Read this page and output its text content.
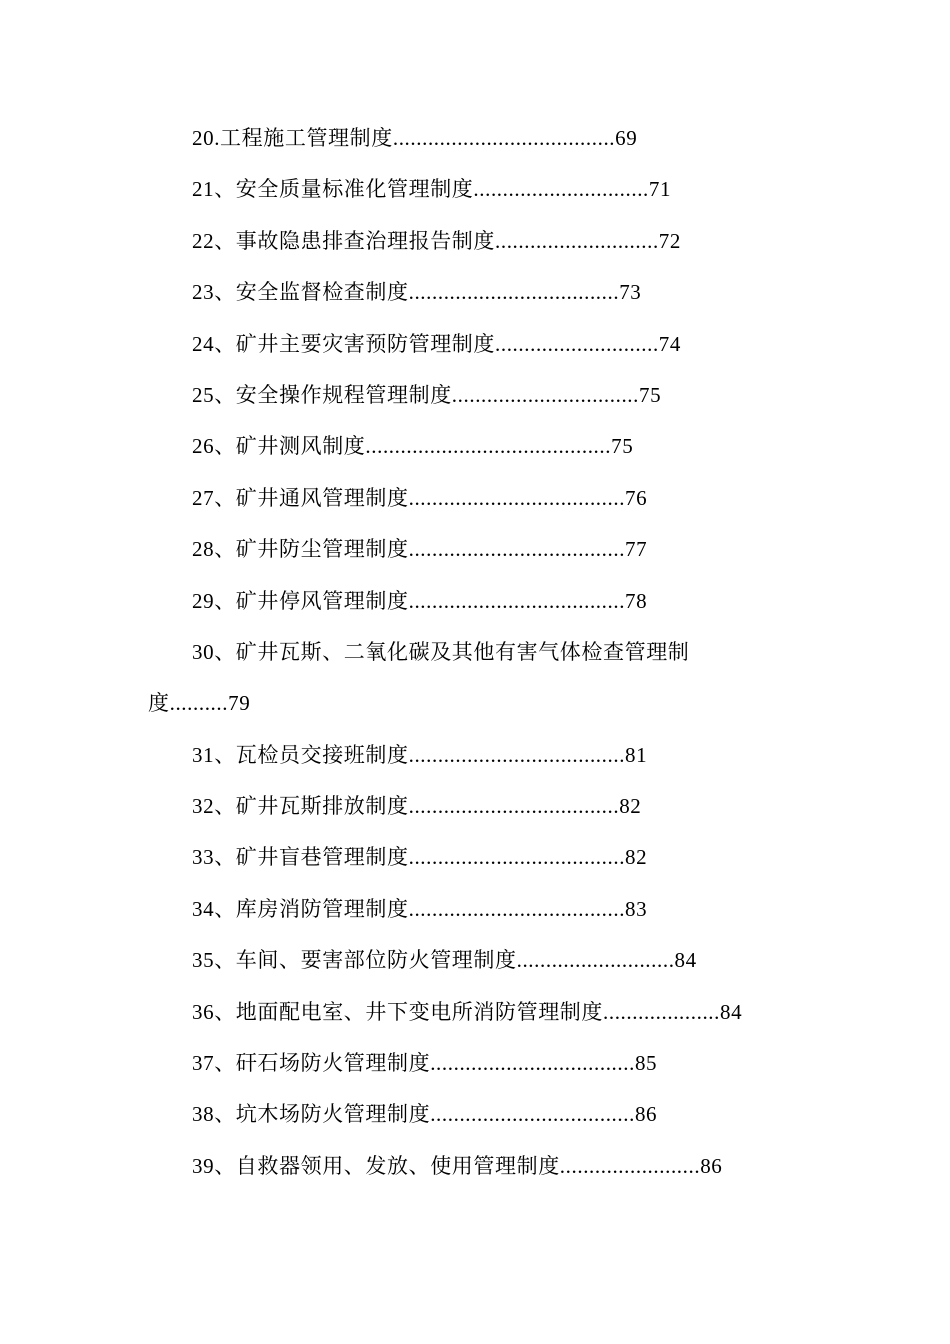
20.工程施工管理制度......................................69
21、安全质量标准化管理制度..............................71
22、事故隐患排查治理报告制度............................72
23、安全监督检查制度....................................73
24、矿井主要灾害预防管理制度............................74
25、安全操作规程管理制度................................75
26、矿井测风制度..........................................75
27、矿井通风管理制度.....................................76
28、矿井防尘管理制度.....................................77
29、矿井停风管理制度.....................................78
30、矿井瓦斯、二氧化碳及其他有害气体检查管理制
度..........79
31、瓦检员交接班制度.....................................81
32、矿井瓦斯排放制度....................................82
33、矿井盲巷管理制度.....................................82
34、库房消防管理制度.....................................83
35、车间、要害部位防火管理制度...........................84
36、地面配电室、井下变电所消防管理制度....................84
37、矸石场防火管理制度...................................85
38、坑木场防火管理制度...................................86
39、自救器领用、发放、使用管理制度........................86
